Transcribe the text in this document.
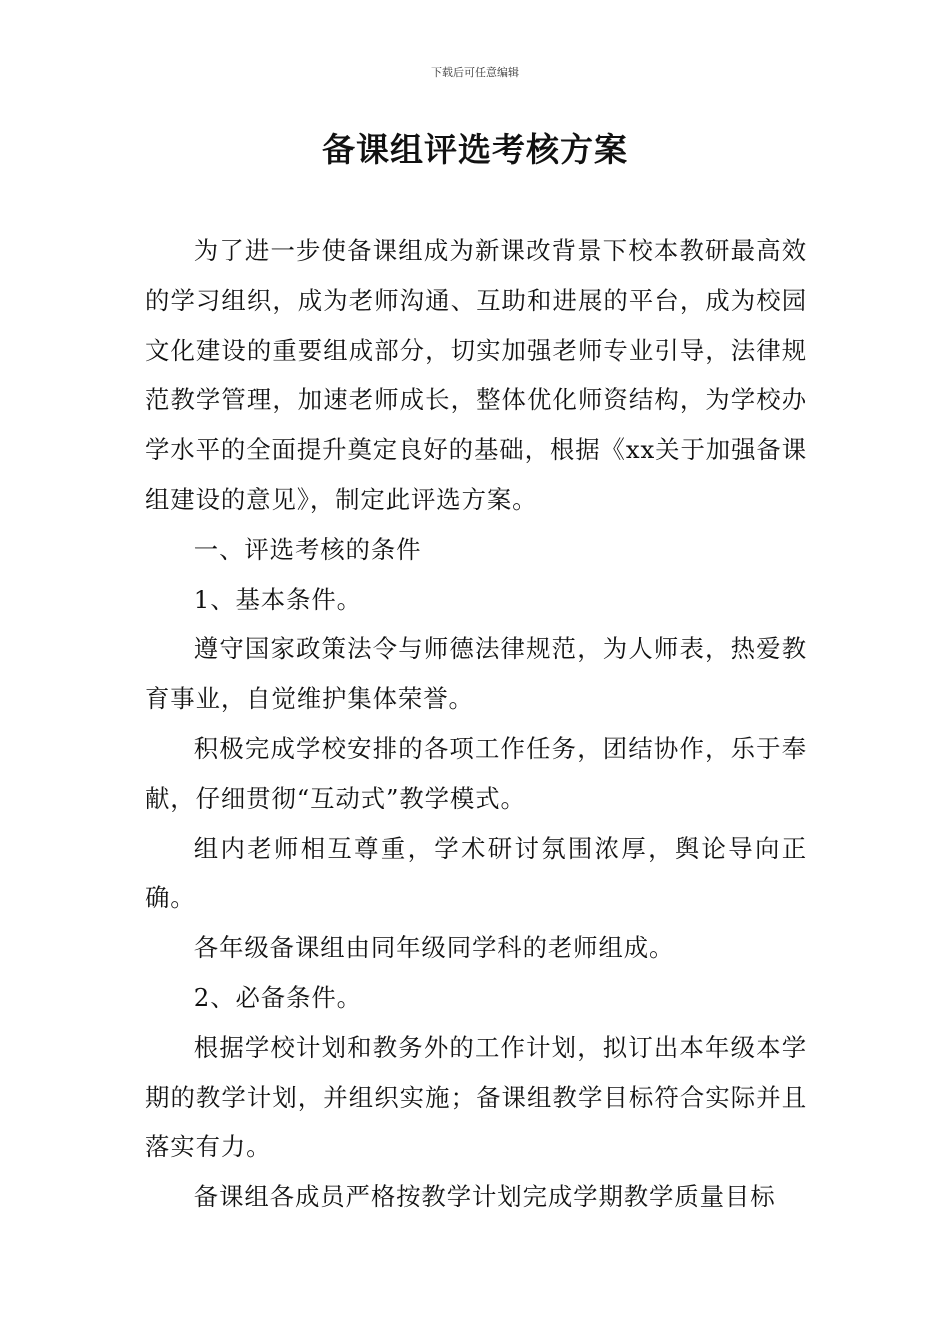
下载后可任意编辑
备课组评选考核方案

为了进一步使备课组成为新课改背景下校本教研最高效的学习组织，成为老师沟通、互助和进展的平台，成为校园文化建设的重要组成部分，切实加强老师专业引导，法律规范教学管理，加速老师成长，整体优化师资结构，为学校办学水平的全面提升奠定良好的基础，根据《xx关于加强备课组建设的意见》，制定此评选方案。

一、评选考核的条件

1、基本条件。

遵守国家政策法令与师德法律规范，为人师表，热爱教育事业，自觉维护集体荣誉。

积极完成学校安排的各项工作任务，团结协作，乐于奉献，仔细贯彻“互动式”教学模式。

组内老师相互尊重，学术研讨氛围浓厚，舆论导向正确。

各年级备课组由同年级同学科的老师组成。

2、必备条件。

根据学校计划和教务外的工作计划，拟订出本年级本学期的教学计划，并组织实施；备课组教学目标符合实际并且落实有力。

备课组各成员严格按教学计划完成学期教学质量目标
